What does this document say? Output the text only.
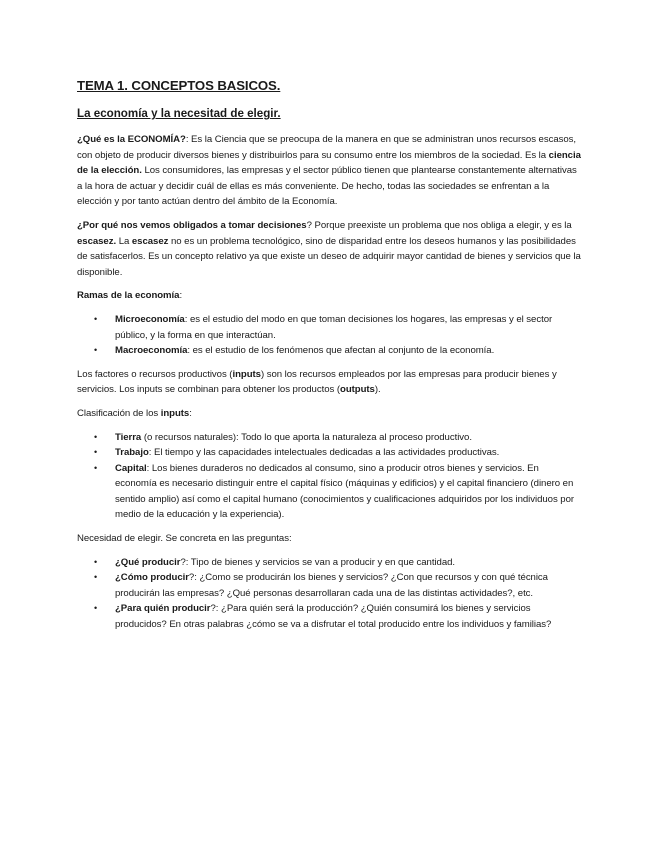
TEMA 1. CONCEPTOS BASICOS.
La economía y la necesitad de elegir.

¿Qué es la ECONOMÍA?: Es la Ciencia que se preocupa de la manera en que se administran unos recursos escasos, con objeto de producir diversos bienes y distribuirlos para su consumo entre los miembros de la sociedad. Es la ciencia de la elección. Los consumidores, las empresas y el sector público tienen que plantearse constantemente alternativas a la hora de actuar y decidir cuál de ellas es más conveniente. De hecho, todas las sociedades se enfrentan a la elección y por tanto actúan dentro del ámbito de la Economía.

¿Por qué nos vemos obligados a tomar decisiones? Porque preexiste un problema que nos obliga a elegir, y es la escasez. La escasez no es un problema tecnológico, sino de disparidad entre los deseos humanos y las posibilidades de satisfacerlos. Es un concepto relativo ya que existe un deseo de adquirir mayor cantidad de bienes y servicios que la disponible.

Ramas de la economía:

• Microeconomía: es el estudio del modo en que toman decisiones los hogares, las empresas y el sector público, y la forma en que interactúan.
• Macroeconomía: es el estudio de los fenómenos que afectan al conjunto de la economía.

Los factores o recursos productivos (inputs) son los recursos empleados por las empresas para producir bienes y servicios. Los inputs se combinan para obtener los productos (outputs).

Clasificación de los inputs:

• Tierra (o recursos naturales): Todo lo que aporta la naturaleza al proceso productivo.
• Trabajo: El tiempo y las capacidades intelectuales dedicadas a las actividades productivas.
• Capital: Los bienes duraderos no dedicados al consumo, sino a producir otros bienes y servicios. En economía es necesario distinguir entre el capital físico (máquinas y edificios) y el capital financiero (dinero en sentido amplio) así como el capital humano (conocimientos y cualificaciones adquiridos por los individuos por medio de la educación y la experiencia).

Necesidad de elegir. Se concreta en las preguntas:

• ¿Qué producir?: Tipo de bienes y servicios se van a producir y en que cantidad.
• ¿Cómo producir?: ¿Como se producirán los bienes y servicios? ¿Con que recursos y con qué técnica producirán las empresas? ¿Qué personas desarrollaran cada una de las distintas actividades?, etc.
• ¿Para quién producir?: ¿Para quién será la producción? ¿Quién consumirá los bienes y servicios producidos? En otras palabras ¿cómo se va a disfrutar el total producido entre los individuos y familias?
